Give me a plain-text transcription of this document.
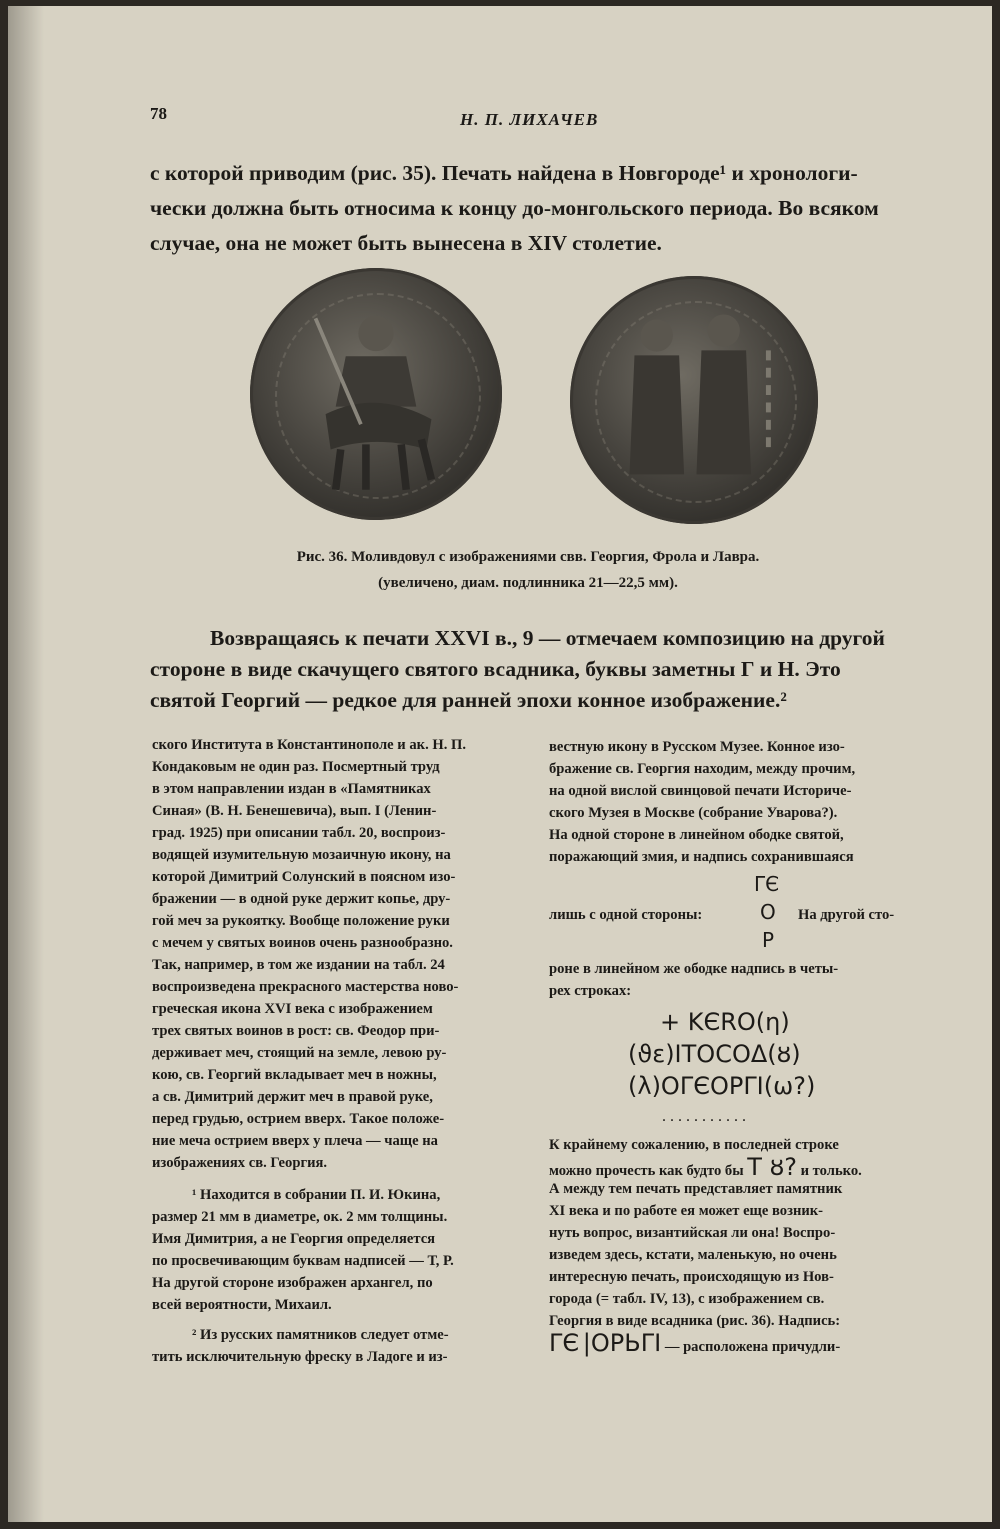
78	Н. П. ЛИХАЧЕВ

с которой приводим (рис. 35). Печать найдена в Новгороде¹ и хронологи-
чески должна быть относима к концу до-монгольского периода. Во всяком
случае, она не может быть вынесена в XIV столетие.

Рис. 36. Моливдовул с изображениями свв. Георгия, Фрола и Лавра.
(увеличено, диам. подлинника 21—22,5 мм).

Возвращаясь к печати XXVI в., 9 — отмечаем композицию на другой
стороне в виде скачущего святого всадника, буквы заметны Г и Н. Это
святой Георгий — редкое для ранней эпохи конное изображение.²

ского Института в Константинополе и ак. Н. П.
Кондаковым не один раз. Посмертный труд
в этом направлении издан в «Памятниках
Синая» (В. Н. Бенешевича), вып. I (Ленин-
град. 1925) при описании табл. 20, воспроиз-
водящей изумительную мозаичную икону, на
которой Димитрий Солунский в поясном изо-
бражении — в одной руке держит копье, дру-
гой меч за рукоятку. Вообще положение руки
с мечем у святых воинов очень разнообразно.
Так, например, в том же издании на табл. 24
воспроизведена прекрасного мастерства ново-
греческая икона XVI века с изображением
трех святых воинов в рост: св. Феодор при-
держивает меч, стоящий на земле, левою ру-
кою, св. Георгий вкладывает меч в ножны,
а св. Димитрий держит меч в правой руке,
перед грудью, острием вверх. Такое положе-
ние меча острием вверх у плеча — чаще на
изображениях св. Георгия.
¹ Находится в собрании П. И. Юкина,
размер 21 мм в диаметре, ок. 2 мм толщины.
Имя Димитрия, а не Георгия определяется
по просвечивающим буквам надписей — Т, Р.
На другой стороне изображен архангел, по
всей вероятности, Михаил.
² Из русских памятников следует отме-
тить исключительную фреску в Ладоге и из-
вестную икону в Русском Музее. Конное изо-
бражение св. Георгия находим, между прочим,
на одной вислой свинцовой печати Историче-
ского Музея в Москве (собрание Уварова?).
На одной стороне в линейном ободке святой,
поражающий змия, и надпись сохранившаяся
ΓЄ
лишь с одной стороны:	O На другой сто-
P
роне в линейном же ободке надпись в четы-
рех строках:
+ ΚЄRO(η)
(ϑε)ΙΤΟϹΟΔ(ȣ)
(λ)ΟΓЄΟΡΓΙ(ω?)
...........
К крайнему сожалению, в последней строке
можно прочесть как будто бы Τ ȣ? и только.
А между тем печать представляет памятник
XI века и по работе ея может еще возник-
нуть вопрос, византийская ли она! Воспро-
изведем здесь, кстати, маленькую, но очень
интересную печать, происходящую из Нов-
города (= табл. IV, 13), с изображением св.
Георгия в виде всадника (рис. 36). Надпись:
ΓЄ |ΟΡЬΓΙ — расположена причудли-
